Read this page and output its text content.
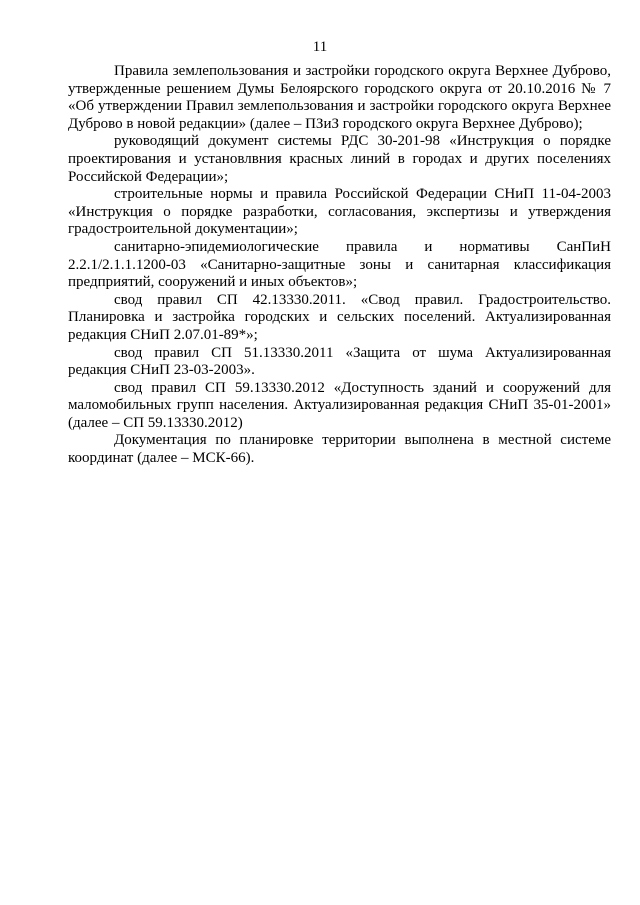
11

Правила землепользования и застройки городского округа Верхнее Дуброво, утвержденные решением Думы Белоярского городского округа от 20.10.2016 № 7 «Об утверждении Правил землепользования и застройки городского округа Верхнее Дуброво в новой редакции» (далее – ПЗиЗ городского округа Верхнее Дуброво);

руководящий документ системы РДС 30-201-98 «Инструкция о порядке проектирования и установлвния красных линий в городах и других поселениях Российской Федерации»;

строительные нормы и правила Российской Федерации СНиП 11-04-2003 «Инструкция о порядке разработки, согласования, экспертизы и утверждения градостроительной документации»;

санитарно-эпидемиологические правила и нормативы СанПиН 2.2.1/2.1.1.1200-03 «Санитарно-защитные зоны и санитарная классификация предприятий, сооружений и иных объектов»;

свод правил СП 42.13330.2011. «Свод правил. Градостроительство. Планировка и застройка городских и сельских поселений. Актуализированная редакция СНиП 2.07.01-89*»;

свод правил СП 51.13330.2011 «Защита от шума Актуализированная редакция СНиП 23-03-2003».

свод правил СП 59.13330.2012 «Доступность зданий и сооружений для маломобильных групп населения. Актуализированная редакция СНиП 35-01-2001» (далее – СП 59.13330.2012)

Документация по планировке территории выполнена в местной системе координат (далее – МСК-66).
